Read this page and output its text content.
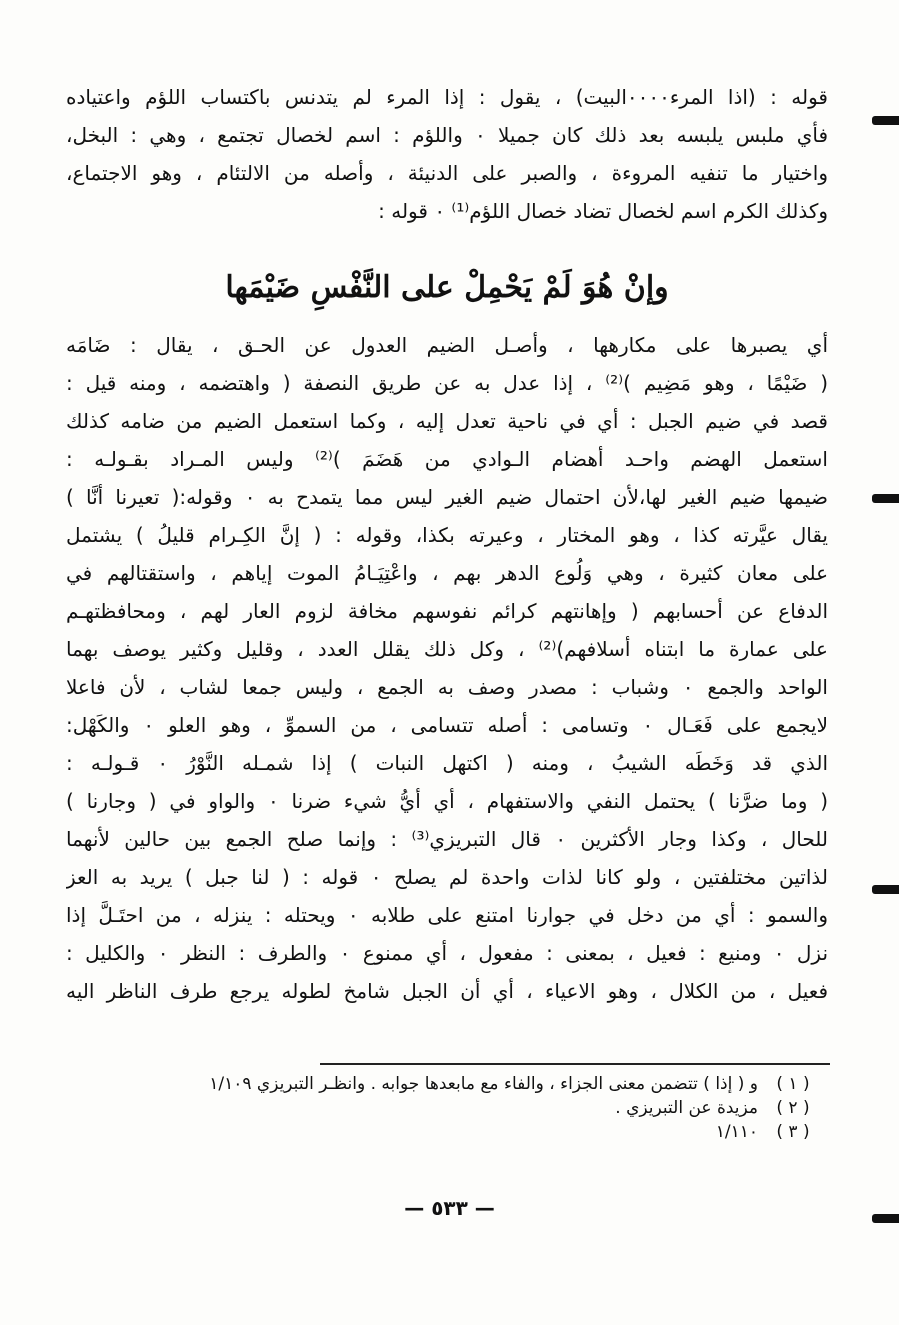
قوله : (اذا المرء٠٠٠٠البيت) ، يقول : إذا المرء لم يتدنس باكتساب اللؤم واعتياده
فأي ملبس يلبسه بعد ذلك كان جميلا ٠ واللؤم : اسم لخصال تجتمع ، وهي : البخل،
واختيار ما تنفيه المروءة ، والصبر على الدنيئة ، وأصله من الالتئام ، وهو الاجتماع،
وكذلك الكرم اسم لخصال تضاد خصال اللؤم⁽¹⁾ ٠ قوله :
وإنْ هُوَ لَمْ يَحْمِلْ على النَّفْسِ ضَيْمَها
أي يصبرها على مكارهها ، وأصـل الضيم العدول عن الحـق ، يقال : ضَامَه
( ضَيْمًا ، وهو مَضِيم )⁽²⁾ ، إذا عدل به عن طريق النصفة ( واهتضمه ، ومنه قيل :
قصد في ضيم الجبل : أي في ناحية تعدل إليه ، وكما استعمل الضيم من ضامه كذلك
استعمل الهضم واحـد أهضام الـوادي من هَضَمَ )⁽²⁾ وليس المـراد بقـولـه :
ضيمها ضيم الغير لها،لأن احتمال ضيم الغير ليس مما يتمدح به ٠ وقوله:( تعيرنا أنَّا )
يقال عيَّرته كذا ، وهو المختار ، وعيرته بكذا، وقوله : ( إنَّ الكِـرام قليلُ ) يشتمل
على معان كثيرة ، وهي وَلُوع الدهر بهم ، واعْتِيَـامُ الموت إياهم ، واستقتالهم في
الدفاع عن أحسابهم ( وإهانتهم كرائم نفوسهم مخافة لزوم العار لهم ، ومحافظتهـم
على عمارة ما ابتناه أسلافهم)⁽²⁾ ، وكل ذلك يقلل العدد ، وقليل وكثير يوصف بهما
الواحد والجمع ٠ وشباب : مصدر وصف به الجمع ، وليس جمعا لشاب ، لأن فاعلا
لايجمع على فَعَـال ٠ وتسامى : أصله تتسامى ، من السموِّ ، وهو العلو ٠ والكَهْل:
الذي قد وَخَطَه الشيبُ ، ومنه ( اكتهل النبات ) إذا شمـله النَّوْرُ ٠ قـولـه :
( وما ضرَّنا ) يحتمل النفي والاستفهام ، أي أيُّ شيء ضرنا ٠ والواو في ( وجارنا )
للحال ، وكذا وجار الأكثرين ٠ قال التبريزي⁽³⁾ : وإنما صلح الجمع بين حالين لأنهما
لذاتين مختلفتين ، ولو كانا لذات واحدة لم يصلح ٠ قوله : ( لنا جبل ) يريد به العز
والسمو : أي من دخل في جوارنا امتنع على طلابه ٠ ويحتله : ينزله ، من احتَـلَّ إذا
نزل ٠ ومنيع : فعيل ، بمعنى : مفعول ، أي ممنوع ٠ والطرف : النظر ٠ والكليل :
فعيل ، من الكلال ، وهو الاعياء ، أي أن الجبل شامخ لطوله يرجع طرف الناظر اليه
( ١ )
و ( إذا ) تتضمن معنى الجزاء ، والفاء مع مابعدها جوابه . وانظـر التبريزي ١/١٠٩
( ٢ )
مزيدة عن التبريزي .
( ٣ )
١/١١٠
— ٥٣٣ —
